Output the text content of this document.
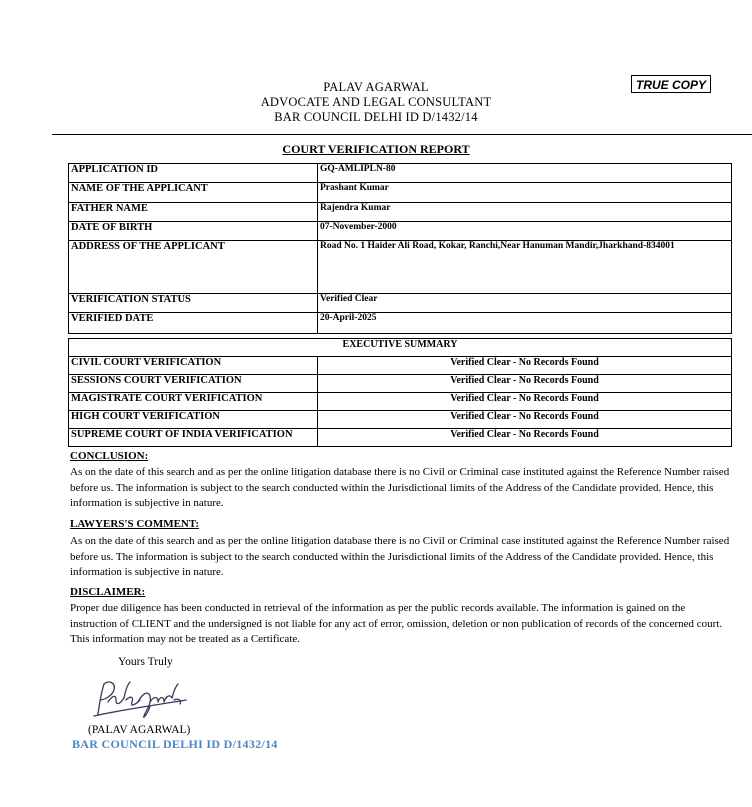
PALAV AGARWAL
ADVOCATE AND LEGAL CONSULTANT
BAR COUNCIL DELHI ID D/1432/14
TRUE COPY
COURT VERIFICATION REPORT
APPLICATION ID	GQ-AMLIPLN-80
NAME OF THE APPLICANT	Prashant Kumar
FATHER NAME	Rajendra Kumar
DATE OF BIRTH	07-November-2000
ADDRESS OF THE APPLICANT	Road No. 1 Haider Ali Road, Kokar, Ranchi,Near Hanuman Mandir,Jharkhand-834001
VERIFICATION STATUS	Verified Clear
VERIFIED DATE	20-April-2025
EXECUTIVE SUMMARY	
CIVIL COURT VERIFICATION	Verified Clear - No Records Found
SESSIONS COURT VERIFICATION	Verified Clear - No Records Found
MAGISTRATE COURT VERIFICATION	Verified Clear - No Records Found
HIGH COURT VERIFICATION	Verified Clear - No Records Found
SUPREME COURT OF INDIA VERIFICATION	Verified Clear - No Records Found
CONCLUSION:
As on the date of this search and as per the online litigation database there is no Civil or Criminal case instituted against the Reference Number raised before us. The information is subject to the search conducted within the Jurisdictional limits of the Address of the Candidate provided. Hence, this information is subjective in nature.
LAWYERS'S COMMENT:
As on the date of this search and as per the online litigation database there is no Civil or Criminal case instituted against the Reference Number raised before us. The information is subject to the search conducted within the Jurisdictional limits of the Address of the Candidate provided. Hence, this information is subjective in nature.
DISCLAIMER:
Proper due diligence has been conducted in retrieval of the information as per the public records available. The information is gained on the instruction of CLIENT and the undersigned is not liable for any act of error, omission, deletion or non publication of records of the concerned court. This information may not be treated as a Certificate.
Yours Truly
(PALAV AGARWAL)
BAR COUNCIL DELHI ID D/1432/14
